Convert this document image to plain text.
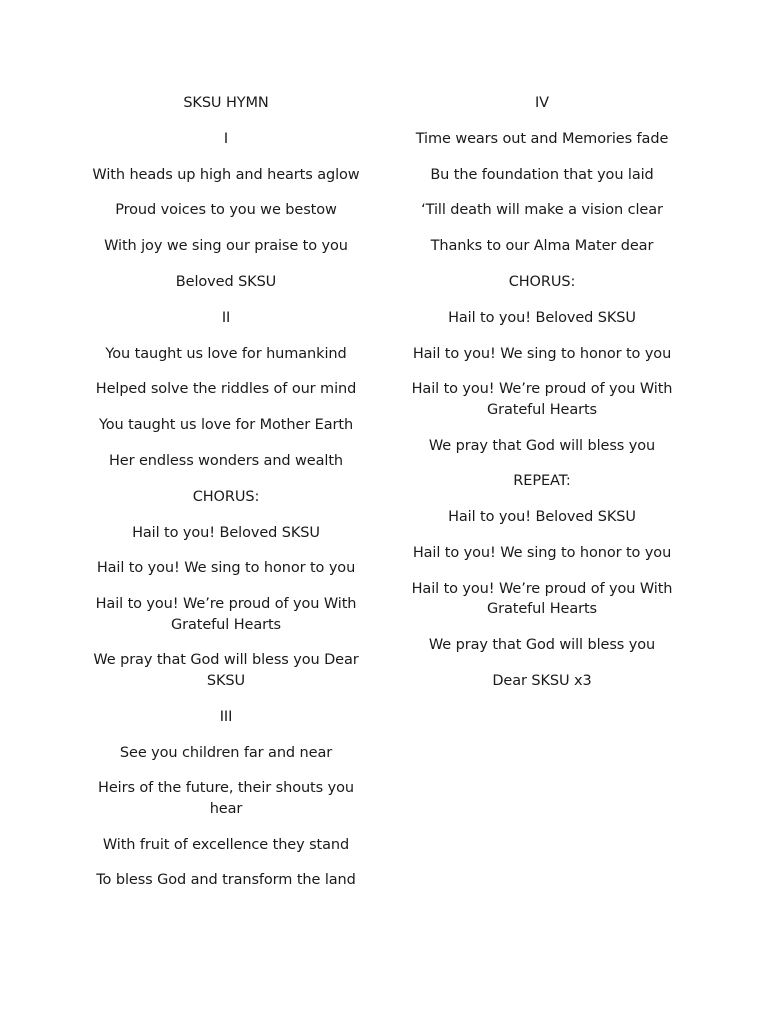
SKSU HYMN
I
With heads up high and hearts aglow
Proud voices to you we bestow
With joy we sing our praise to you
Beloved SKSU
II
You taught us love for humankind
Helped solve the riddles of our mind
You taught us love for Mother Earth
Her endless wonders and wealth
CHORUS:
Hail to you! Beloved SKSU
Hail to you! We sing to honor to you
Hail to you! We’re proud of you With Grateful Hearts
We pray that God will bless you Dear SKSU
III
See you children far and near
Heirs of the future, their shouts you hear
With fruit of excellence they stand
To bless God and transform the land
IV
Time wears out and Memories fade
Bu the foundation that you laid
‘Till death will make a vision clear
Thanks to our Alma Mater dear
CHORUS:
Hail to you! Beloved SKSU
Hail to you! We sing to honor to you
Hail to you! We’re proud of you With Grateful Hearts
We pray that God will bless you
REPEAT:
Hail to you! Beloved SKSU
Hail to you! We sing to honor to you
Hail to you! We’re proud of you With Grateful Hearts
We pray that God will bless you
Dear SKSU x3
